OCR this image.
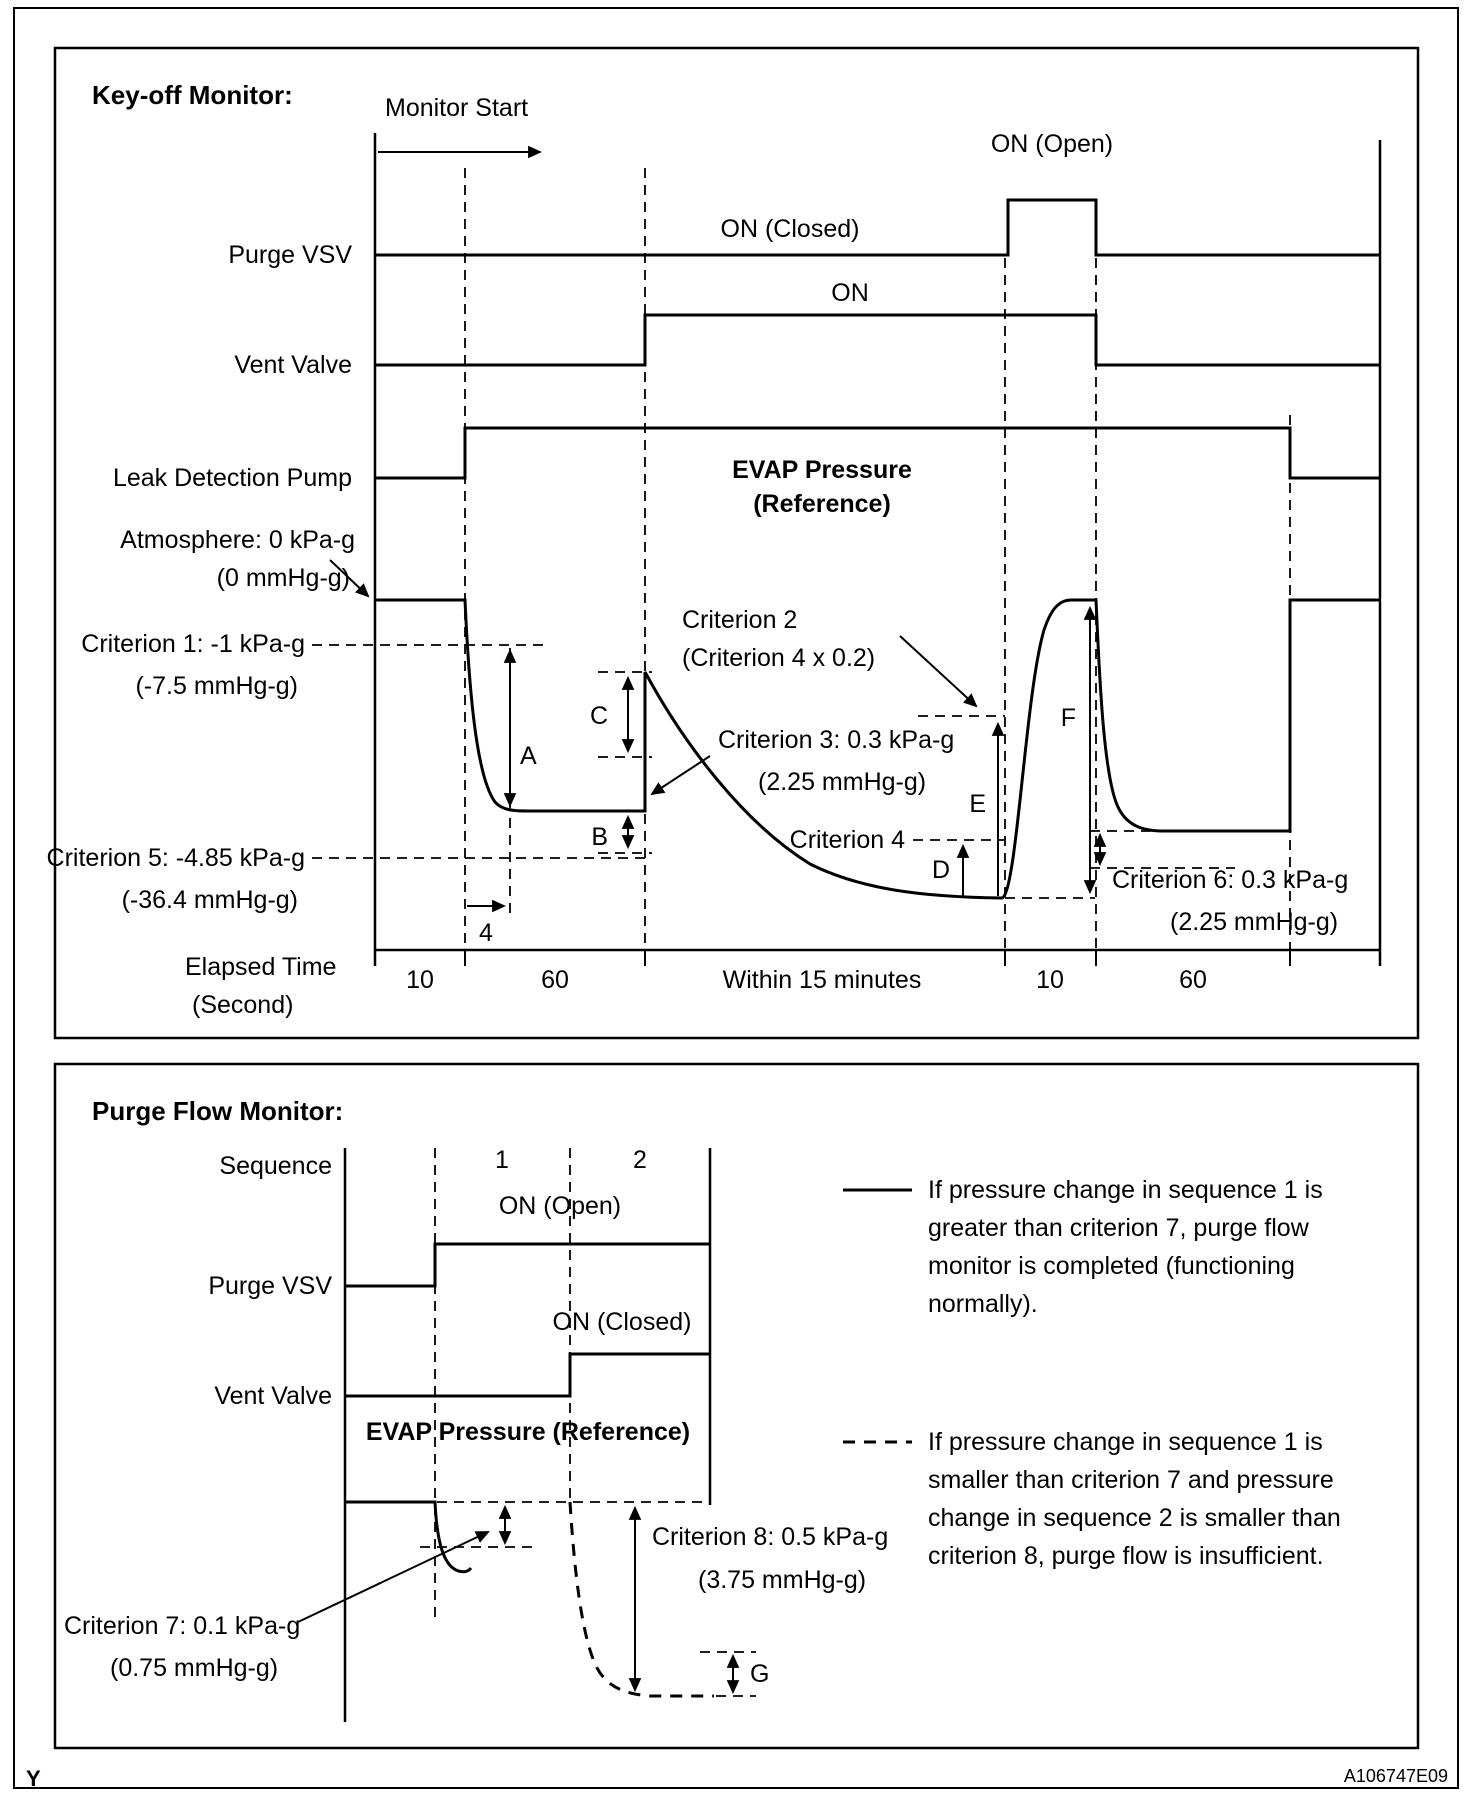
Key-off Monitor:	Monitor Start
ON (Open)
ON (Closed)
Purge VSV
ON
Vent Valve
Leak Detection Pump	EVAP Pressure
(Reference)
Atmosphere: 0 kPa-g
(0 mmHg-g)
Criterion 1: -1 kPa-g
(-7.5 mmHg-g)
Criterion 2
(Criterion 4 x 0.2)
Criterion 3: 0.3 kPa-g
(2.25 mmHg-g)
Criterion 4
Criterion 5: -4.85 kPa-g
(-36.4 mmHg-g)
Criterion 6: 0.3 kPa-g
(2.25 mmHg-g)
A
C
B
D
E
F
4
Elapsed Time
(Second)
10	60	Within 15 minutes	10	60
Purge Flow Monitor:
Sequence	1	2
ON (Open)
Purge VSV
ON (Closed)
Vent Valve
EVAP Pressure (Reference)
Criterion 7: 0.1 kPa-g
(0.75 mmHg-g)
Criterion 8: 0.5 kPa-g
(3.75 mmHg-g)
G
If pressure change in sequence 1 is
greater than criterion 7, purge flow
monitor is completed (functioning
normally).
If pressure change in sequence 1 is
smaller than criterion 7 and pressure
change in sequence 2 is smaller than
criterion 8, purge flow is insufficient.
Y	A106747E09
